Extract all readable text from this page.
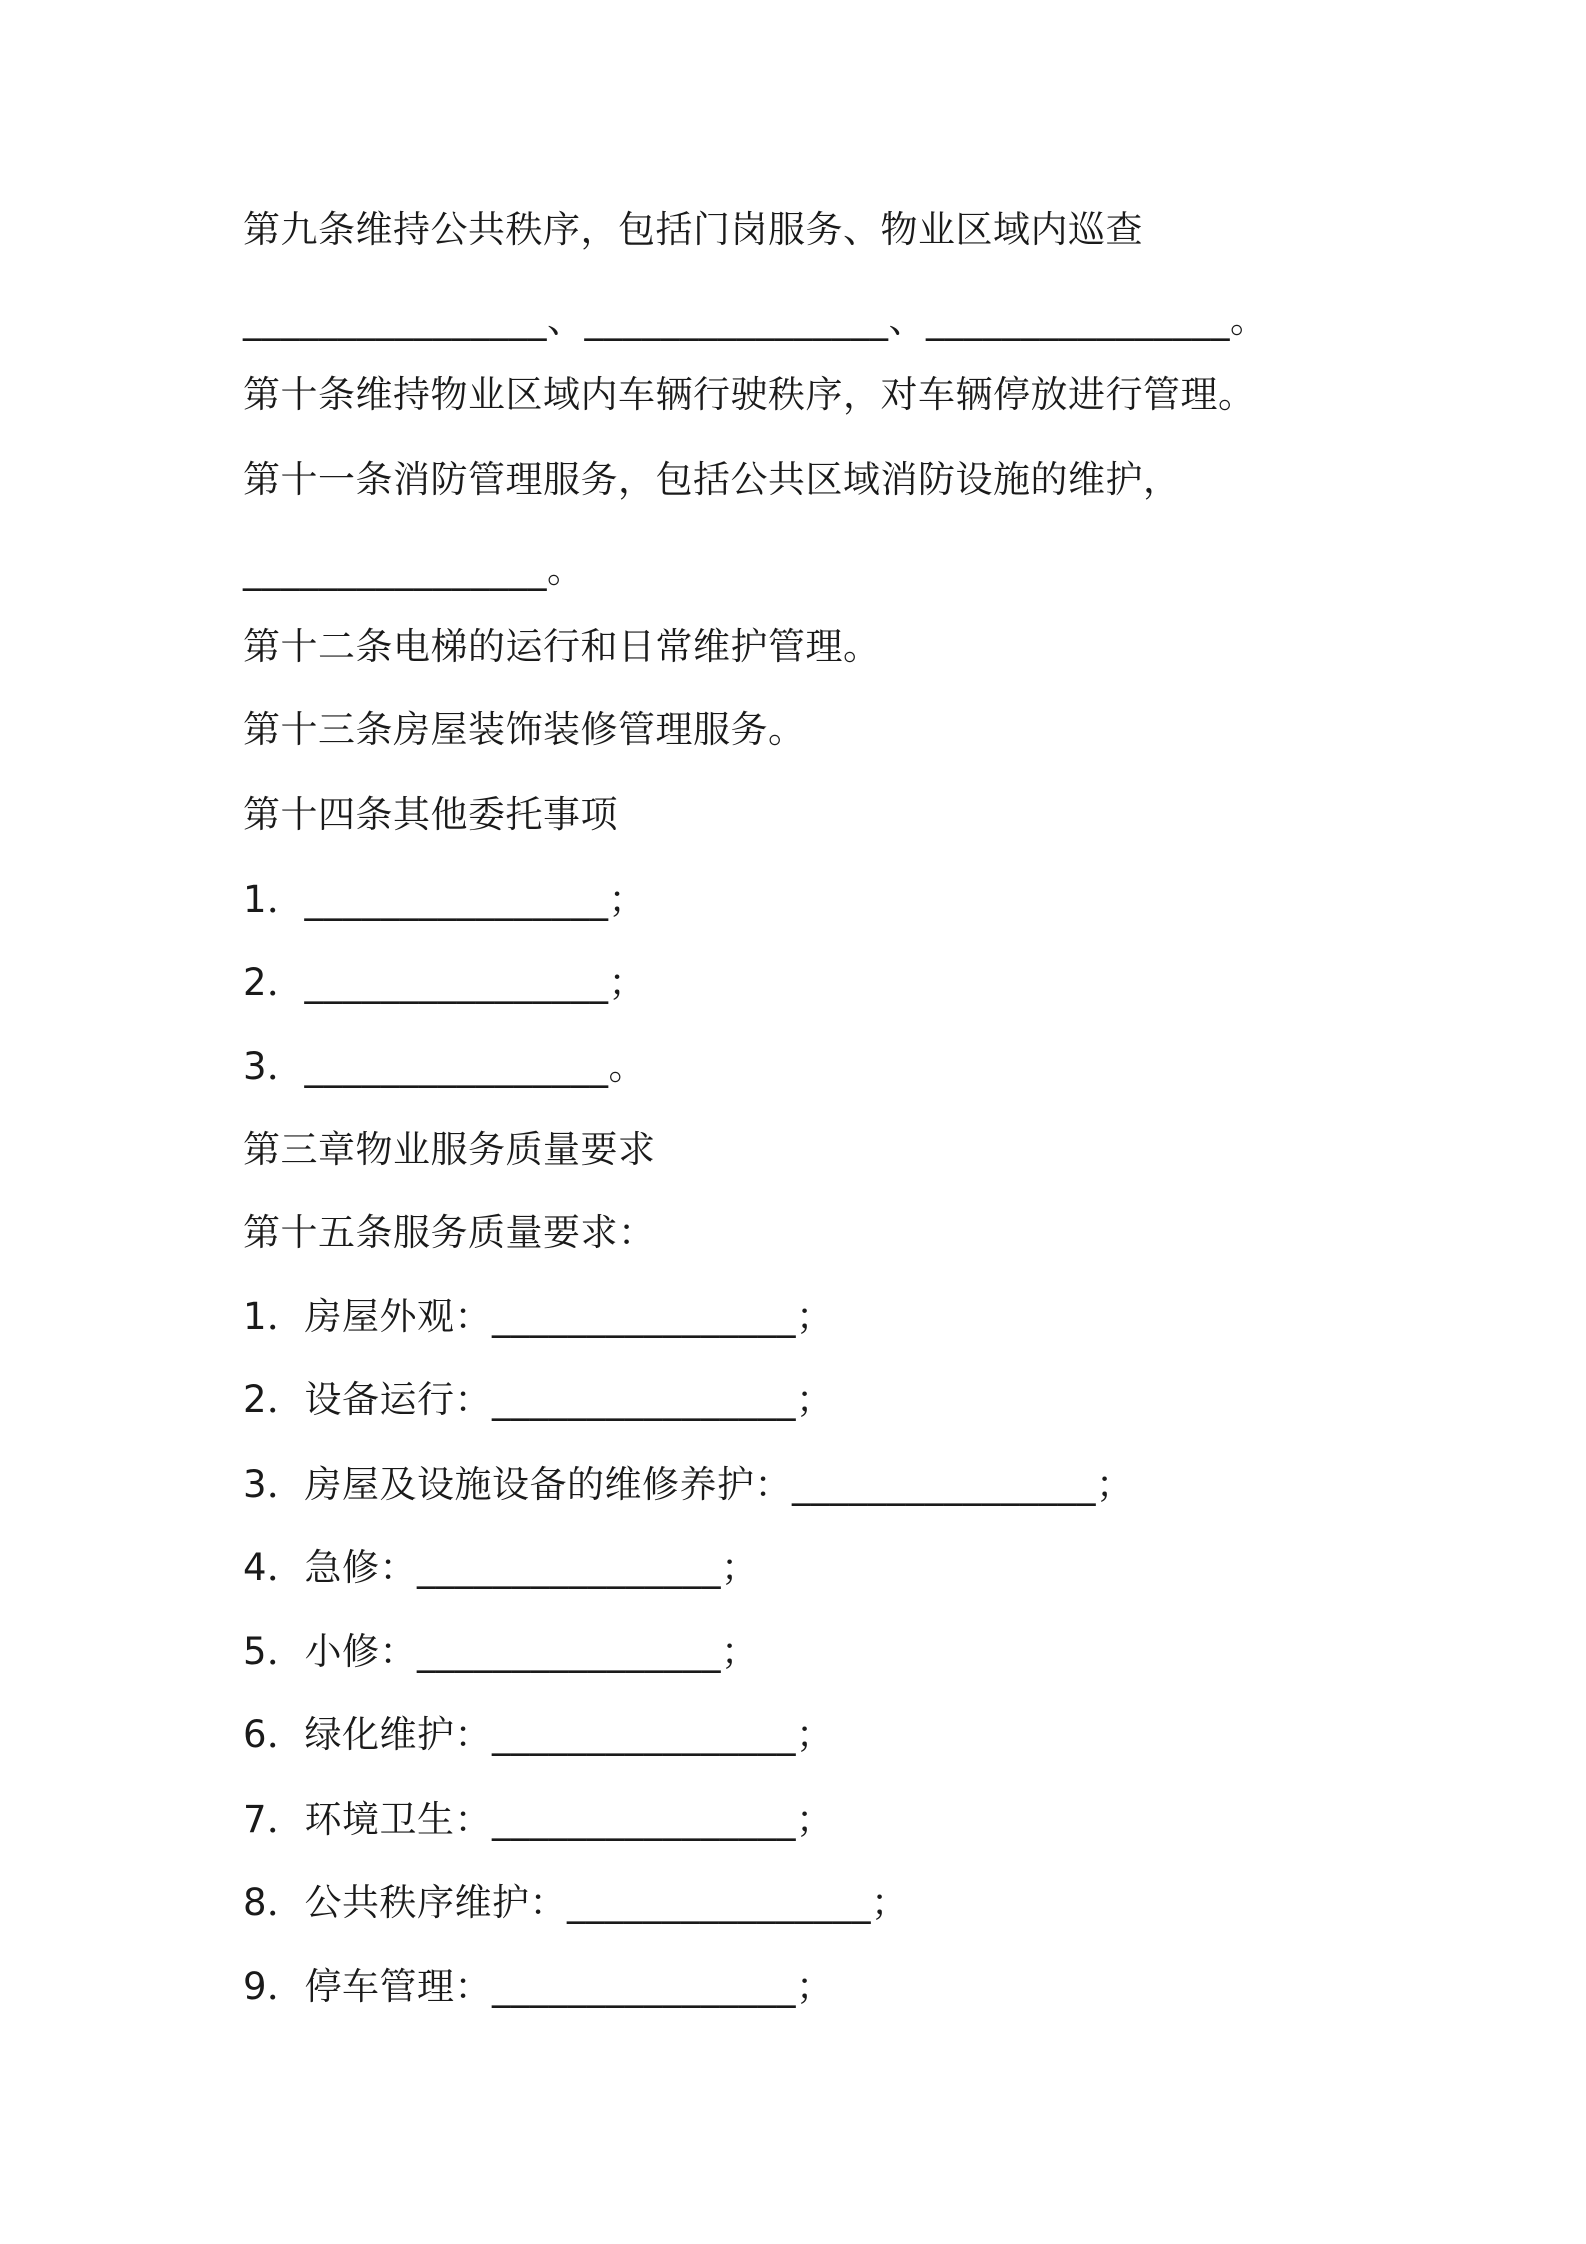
第九条维持公共秩序，包括门岗服务、物业区域内巡查
________________、________________、________________。
第十条维持物业区域内车辆行驶秩序，对车辆停放进行管理。
第十一条消防管理服务，包括公共区域消防设施的维护，
________________。
第十二条电梯的运行和日常维护管理。
第十三条房屋装饰装修管理服务。
第十四条其他委托事项
1．________________；
2．________________；
3．________________。
第三章物业服务质量要求
第十五条服务质量要求：
1．房屋外观：________________；
2．设备运行：________________；
3．房屋及设施设备的维修养护：________________；
4．急修：________________；
5．小修：________________；
6．绿化维护：________________；
7．环境卫生：________________；
8．公共秩序维护：________________；
9．停车管理：________________；
